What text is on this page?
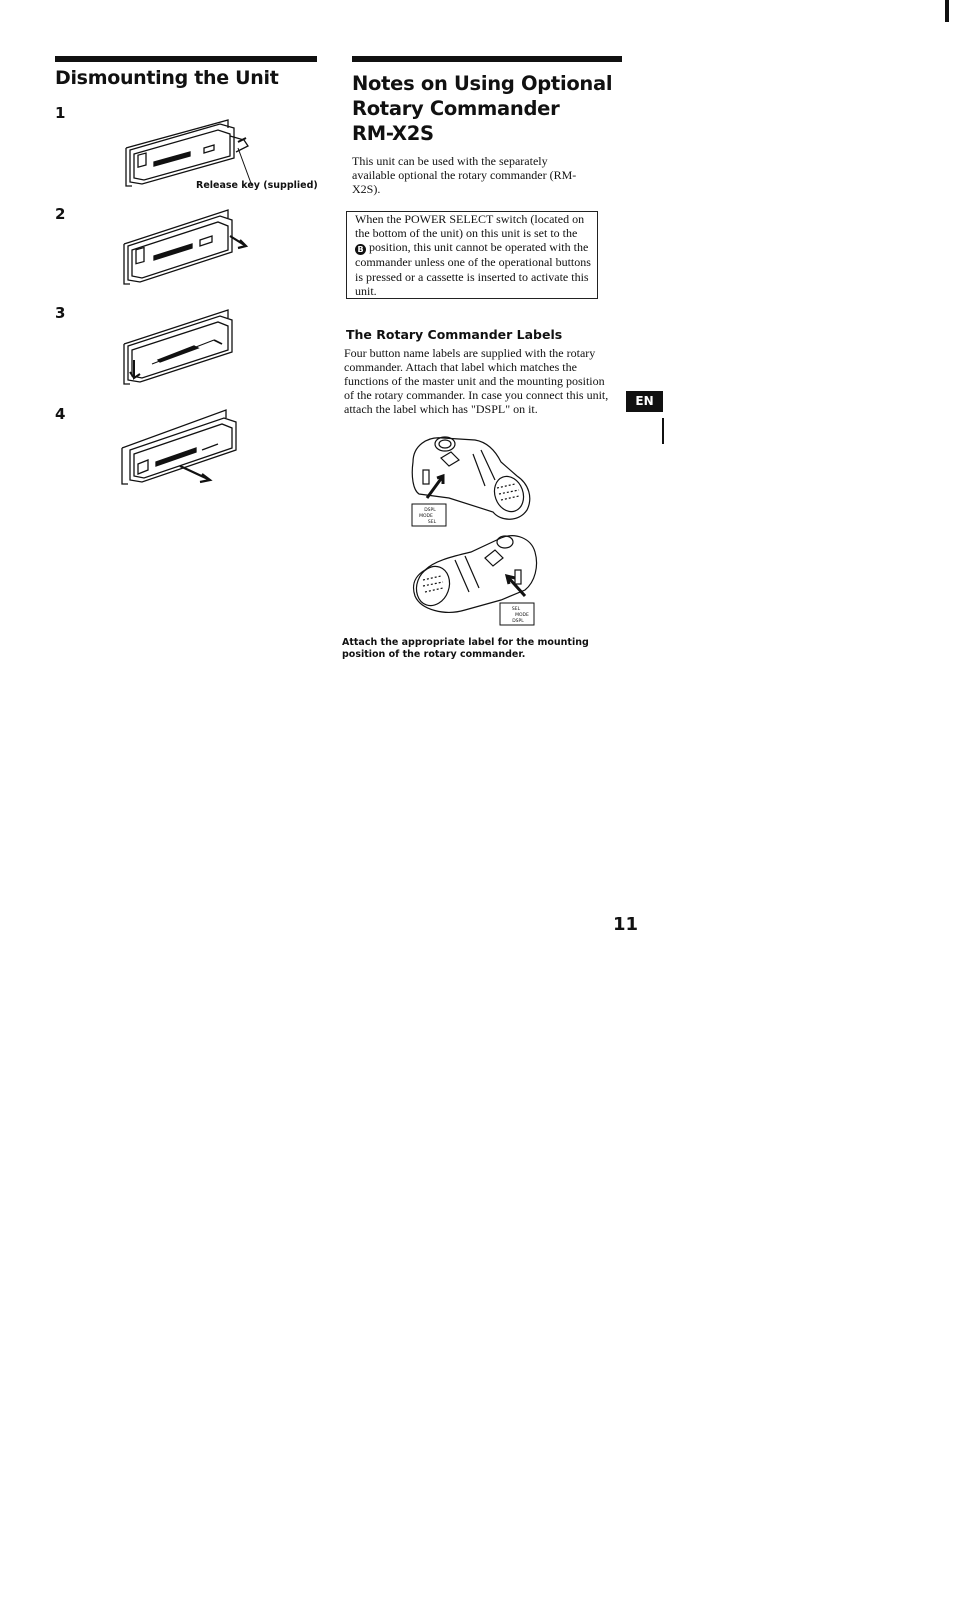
Dismounting the Unit
1
2
3
4
Release key (supplied)
Notes on Using Optional
Rotary Commander
RM-X2S
This unit can be used with the separately available optional the rotary commander (RM-X2S).
When the POWER SELECT switch (located on the bottom of the unit) on this unit is set to the B position, this unit cannot be operated with the commander unless one of the operational buttons is pressed or a cassette is inserted to activate this unit.
The Rotary Commander Labels
Four button name labels are supplied with the rotary commander. Attach that label which matches the functions of the master unit and the mounting position of the rotary commander. In case you connect this unit, attach the label which has "DSPL" on it.
DSPL
MODE
SEL
SEL
MODE
DSPL
Attach the appropriate label for the mounting position of the rotary commander.
EN
11
